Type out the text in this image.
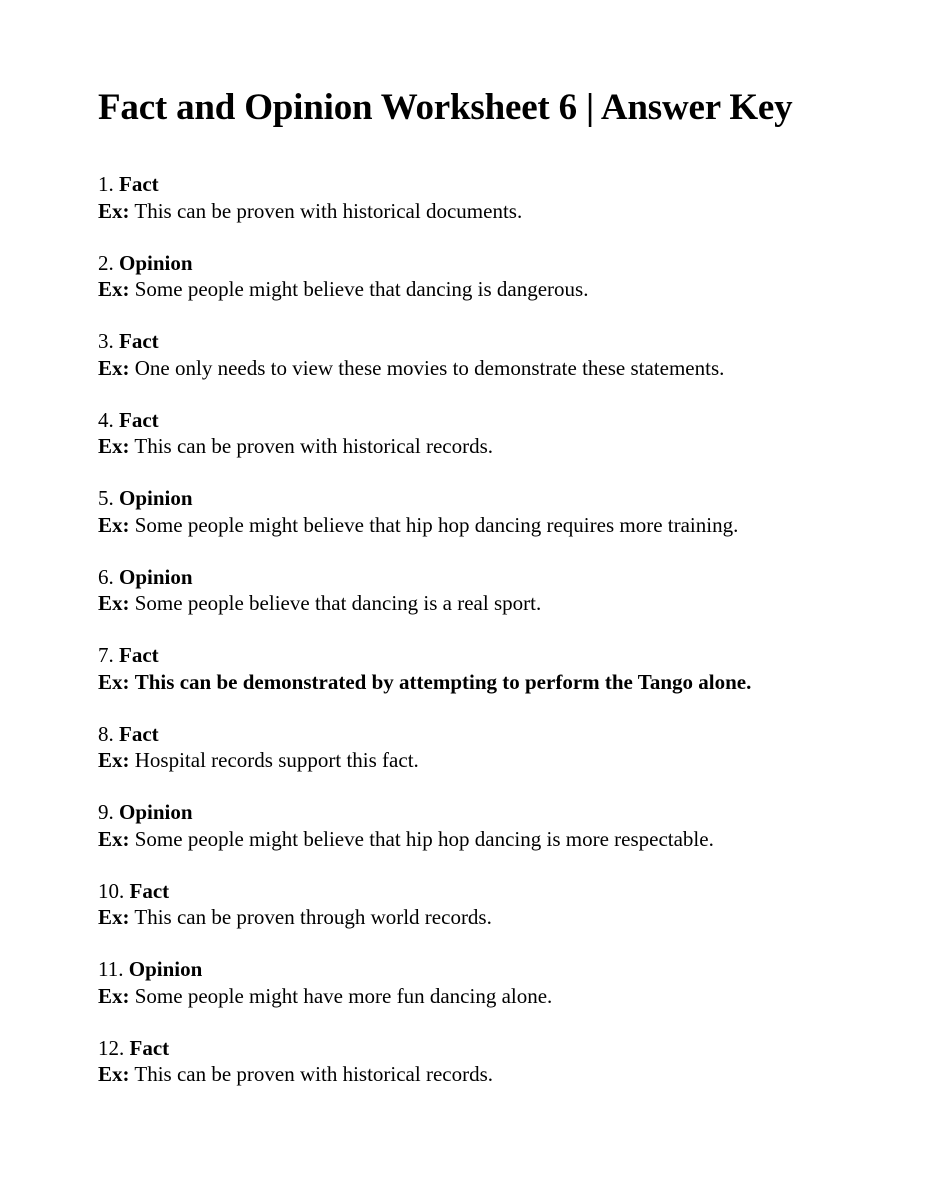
Fact and Opinion Worksheet 6 | Answer Key
1. Fact
Ex: This can be proven with historical documents.
2. Opinion
Ex: Some people might believe that dancing is dangerous.
3. Fact
Ex: One only needs to view these movies to demonstrate these statements.
4. Fact
Ex: This can be proven with historical records.
5. Opinion
Ex: Some people might believe that hip hop dancing requires more training.
6. Opinion
Ex: Some people believe that dancing is a real sport.
7. Fact
Ex: This can be demonstrated by attempting to perform the Tango alone.
8. Fact
Ex: Hospital records support this fact.
9. Opinion
Ex: Some people might believe that hip hop dancing is more respectable.
10. Fact
Ex: This can be proven through world records.
11. Opinion
Ex: Some people might have more fun dancing alone.
12. Fact
Ex: This can be proven with historical records.
